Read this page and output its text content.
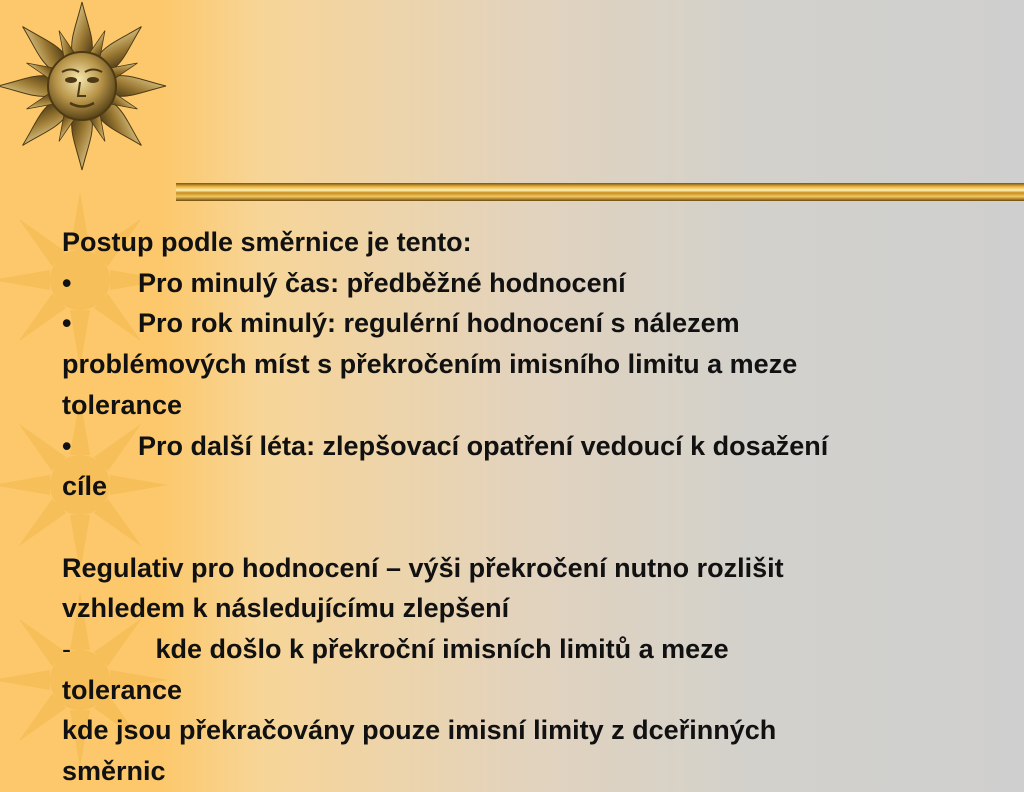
Postup podle směrnice je tento:
• Pro minulý čas: předběžné hodnocení
• Pro rok minulý: regulérní hodnocení s nálezem
problémových míst s překročením imisního limitu a meze
tolerance
• Pro další léta: zlepšovací opatření vedoucí k dosažení
cíle
Regulativ pro hodnocení – výši překročení nutno rozlišit
vzhledem k následujícímu zlepšení
-	kde došlo k překroční imisních limitů a meze
tolerance
kde jsou překračovány pouze imisní limity z dceřinných
směrnic
